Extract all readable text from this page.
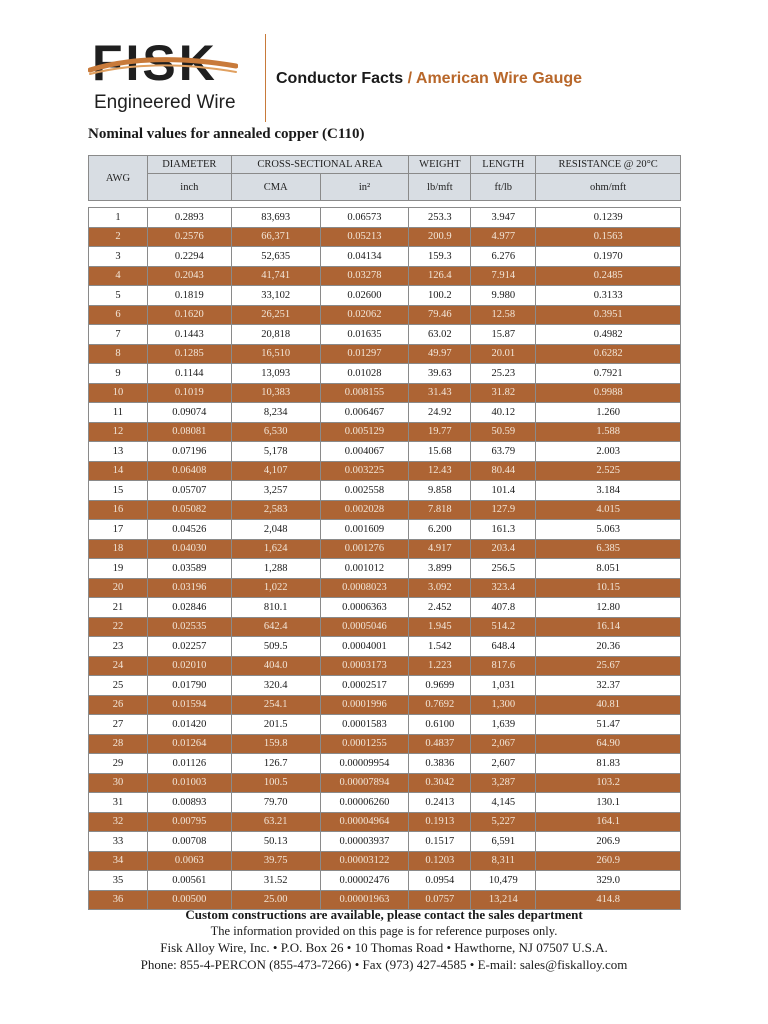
FISK
Engineered Wire
Conductor Facts / American Wire Gauge
Nominal values for annealed copper (C110)
AWG	DIAMETER	CROSS-SECTIONAL AREA		WEIGHT	LENGTH	RESISTANCE @ 20°C
	inch	CMA	in²	lb/mft	ft/lb	ohm/mft

1	0.2893	83,693	0.06573	253.3	3.947	0.1239
2	0.2576	66,371	0.05213	200.9	4.977	0.1563
3	0.2294	52,635	0.04134	159.3	6.276	0.1970
4	0.2043	41,741	0.03278	126.4	7.914	0.2485
5	0.1819	33,102	0.02600	100.2	9.980	0.3133
6	0.1620	26,251	0.02062	79.46	12.58	0.3951
7	0.1443	20,818	0.01635	63.02	15.87	0.4982
8	0.1285	16,510	0.01297	49.97	20.01	0.6282
9	0.1144	13,093	0.01028	39.63	25.23	0.7921
10	0.1019	10,383	0.008155	31.43	31.82	0.9988
11	0.09074	8,234	0.006467	24.92	40.12	1.260
12	0.08081	6,530	0.005129	19.77	50.59	1.588
13	0.07196	5,178	0.004067	15.68	63.79	2.003
14	0.06408	4,107	0.003225	12.43	80.44	2.525
15	0.05707	3,257	0.002558	9.858	101.4	3.184
16	0.05082	2,583	0.002028	7.818	127.9	4.015
17	0.04526	2,048	0.001609	6.200	161.3	5.063
18	0.04030	1,624	0.001276	4.917	203.4	6.385
19	0.03589	1,288	0.001012	3.899	256.5	8.051
20	0.03196	1,022	0.0008023	3.092	323.4	10.15
21	0.02846	810.1	0.0006363	2.452	407.8	12.80
22	0.02535	642.4	0.0005046	1.945	514.2	16.14
23	0.02257	509.5	0.0004001	1.542	648.4	20.36
24	0.02010	404.0	0.0003173	1.223	817.6	25.67
25	0.01790	320.4	0.0002517	0.9699	1,031	32.37
26	0.01594	254.1	0.0001996	0.7692	1,300	40.81
27	0.01420	201.5	0.0001583	0.6100	1,639	51.47
28	0.01264	159.8	0.0001255	0.4837	2,067	64.90
29	0.01126	126.7	0.00009954	0.3836	2,607	81.83
30	0.01003	100.5	0.00007894	0.3042	3,287	103.2
31	0.00893	79.70	0.00006260	0.2413	4,145	130.1
32	0.00795	63.21	0.00004964	0.1913	5,227	164.1
33	0.00708	50.13	0.00003937	0.1517	6,591	206.9
34	0.0063	39.75	0.00003122	0.1203	8,311	260.9
35	0.00561	31.52	0.00002476	0.0954	10,479	329.0
36	0.00500	25.00	0.00001963	0.0757	13,214	414.8
Custom constructions are available, please contact the sales department
The information provided on this page is for reference purposes only.
Fisk Alloy Wire, Inc. • P.O. Box 26 • 10 Thomas Road • Hawthorne, NJ 07507 U.S.A.
Phone: 855-4-PERCON (855-473-7266) • Fax (973) 427-4585 • E-mail: sales@fiskalloy.com
